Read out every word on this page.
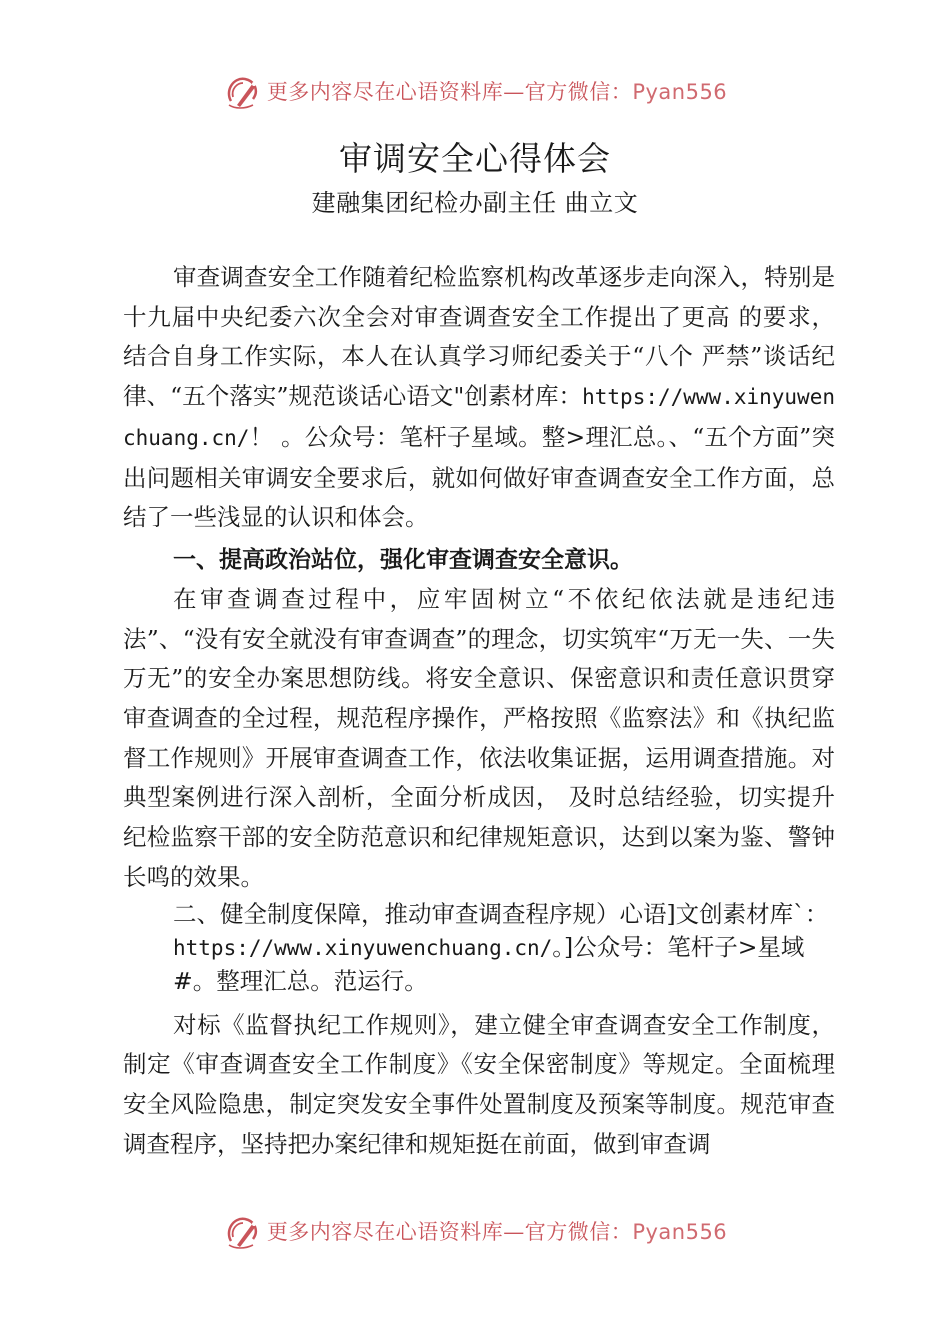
更多内容尽在心语资料库—官方微信：Pyan556
审调安全心得体会
建融集团纪检办副主任 曲立文

审查调查安全工作随着纪检监察机构改革逐步走向深入，特别是十九届中央纪委六次全会对审查调查安全工作提出了更高 的要求，结合自身工作实际，本人在认真学习师纪委关于“八个 严禁”谈话纪律、“五个落实”规范谈话心语文"创素材库：https://www.xinyuwenchuang.cn/！ 。公众号：笔杆子星域。整>理汇总。、“五个方面”突出问题相关审调安全要求后，就如何做好审查调查安全工作方面，总 结了一些浅显的认识和体会。

一、提高政治站位，强化审查调查安全意识。

在审查调查过程中，应牢固树立“不依纪依法就是违纪违法”、“没有安全就没有审查调查”的理念，切实筑牢“万无一失、一失万无”的安全办案思想防线。将安全意识、保密意识和责任意识贯穿审查调查的全过程，规范程序操作，严格按照《监察法》和《执纪监督工作规则》开展审查调查工作，依法收集证据，运用调查措施。对典型案例进行深入剖析，全面分析成因， 及时总结经验，切实提升纪检监察干部的安全防范意识和纪律规矩意识，达到以案为鉴、警钟长鸣的效果。

二、健全制度保障，推动审查调查程序规）心语]文创素材库`：https://www.xinyuwenchuang.cn/。]公众号：笔杆子>星域#。整理汇总。范运行。

对标《监督执纪工作规则》，建立健全审查调查安全工作制度，制定《审查调查安全工作制度》《安全保密制度》等规定。全面梳理安全风险隐患，制定突发安全事件处置制度及预案等制度。规范审查调查程序，坚持把办案纪律和规矩挺在前面，做到审查调

更多内容尽在心语资料库—官方微信：Pyan556
